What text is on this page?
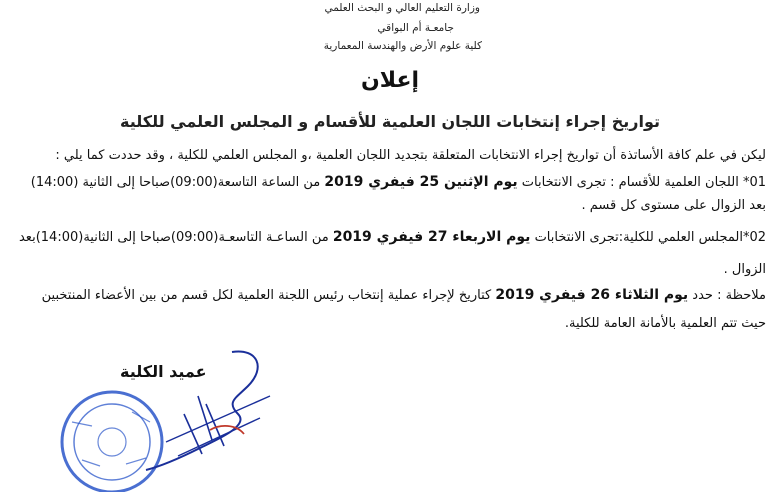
وزارة التعليم العالي و البحث العلمي
جامعـة أم البواقي
كلية علوم الأرض والهندسة المعمارية
إعلان
تواريخ إجراء إنتخابات اللجان العلمية للأقسام و المجلس العلمي للكلية
ليكن في علم كافة الأساتذة أن تواريخ إجراء الانتخابات المتعلقة بتجديد اللجان العلمية ،و المجلس العلمي للكلية ، وقد حددت كما يلي :
01* اللجان العلمية للأقسام : تجرى الانتخابات يوم الإثنين 25 فيفري 2019 من الساعة التاسعة(09:00)صباحا إلى الثانية (14:00)
بعد الزوال على مستوى كل قسم .
02*المجلس العلمي للكلية:تجرى الانتخابات يوم الاربعاء 27 فيفري 2019 من الساعـة التاسعـة(09:00)صباحا إلى الثانية(14:00)بعد
الزوال .
ملاحظة : حدد يوم الثلاثاء 26 فيفري 2019 كتاريخ لإجراء عملية إنتخاب رئيس اللجنة العلمية لكل قسم من بين الأعضاء المنتخبين
حيث تتم العلمية بالأمانة العامة للكلية.
عميد الكلية
